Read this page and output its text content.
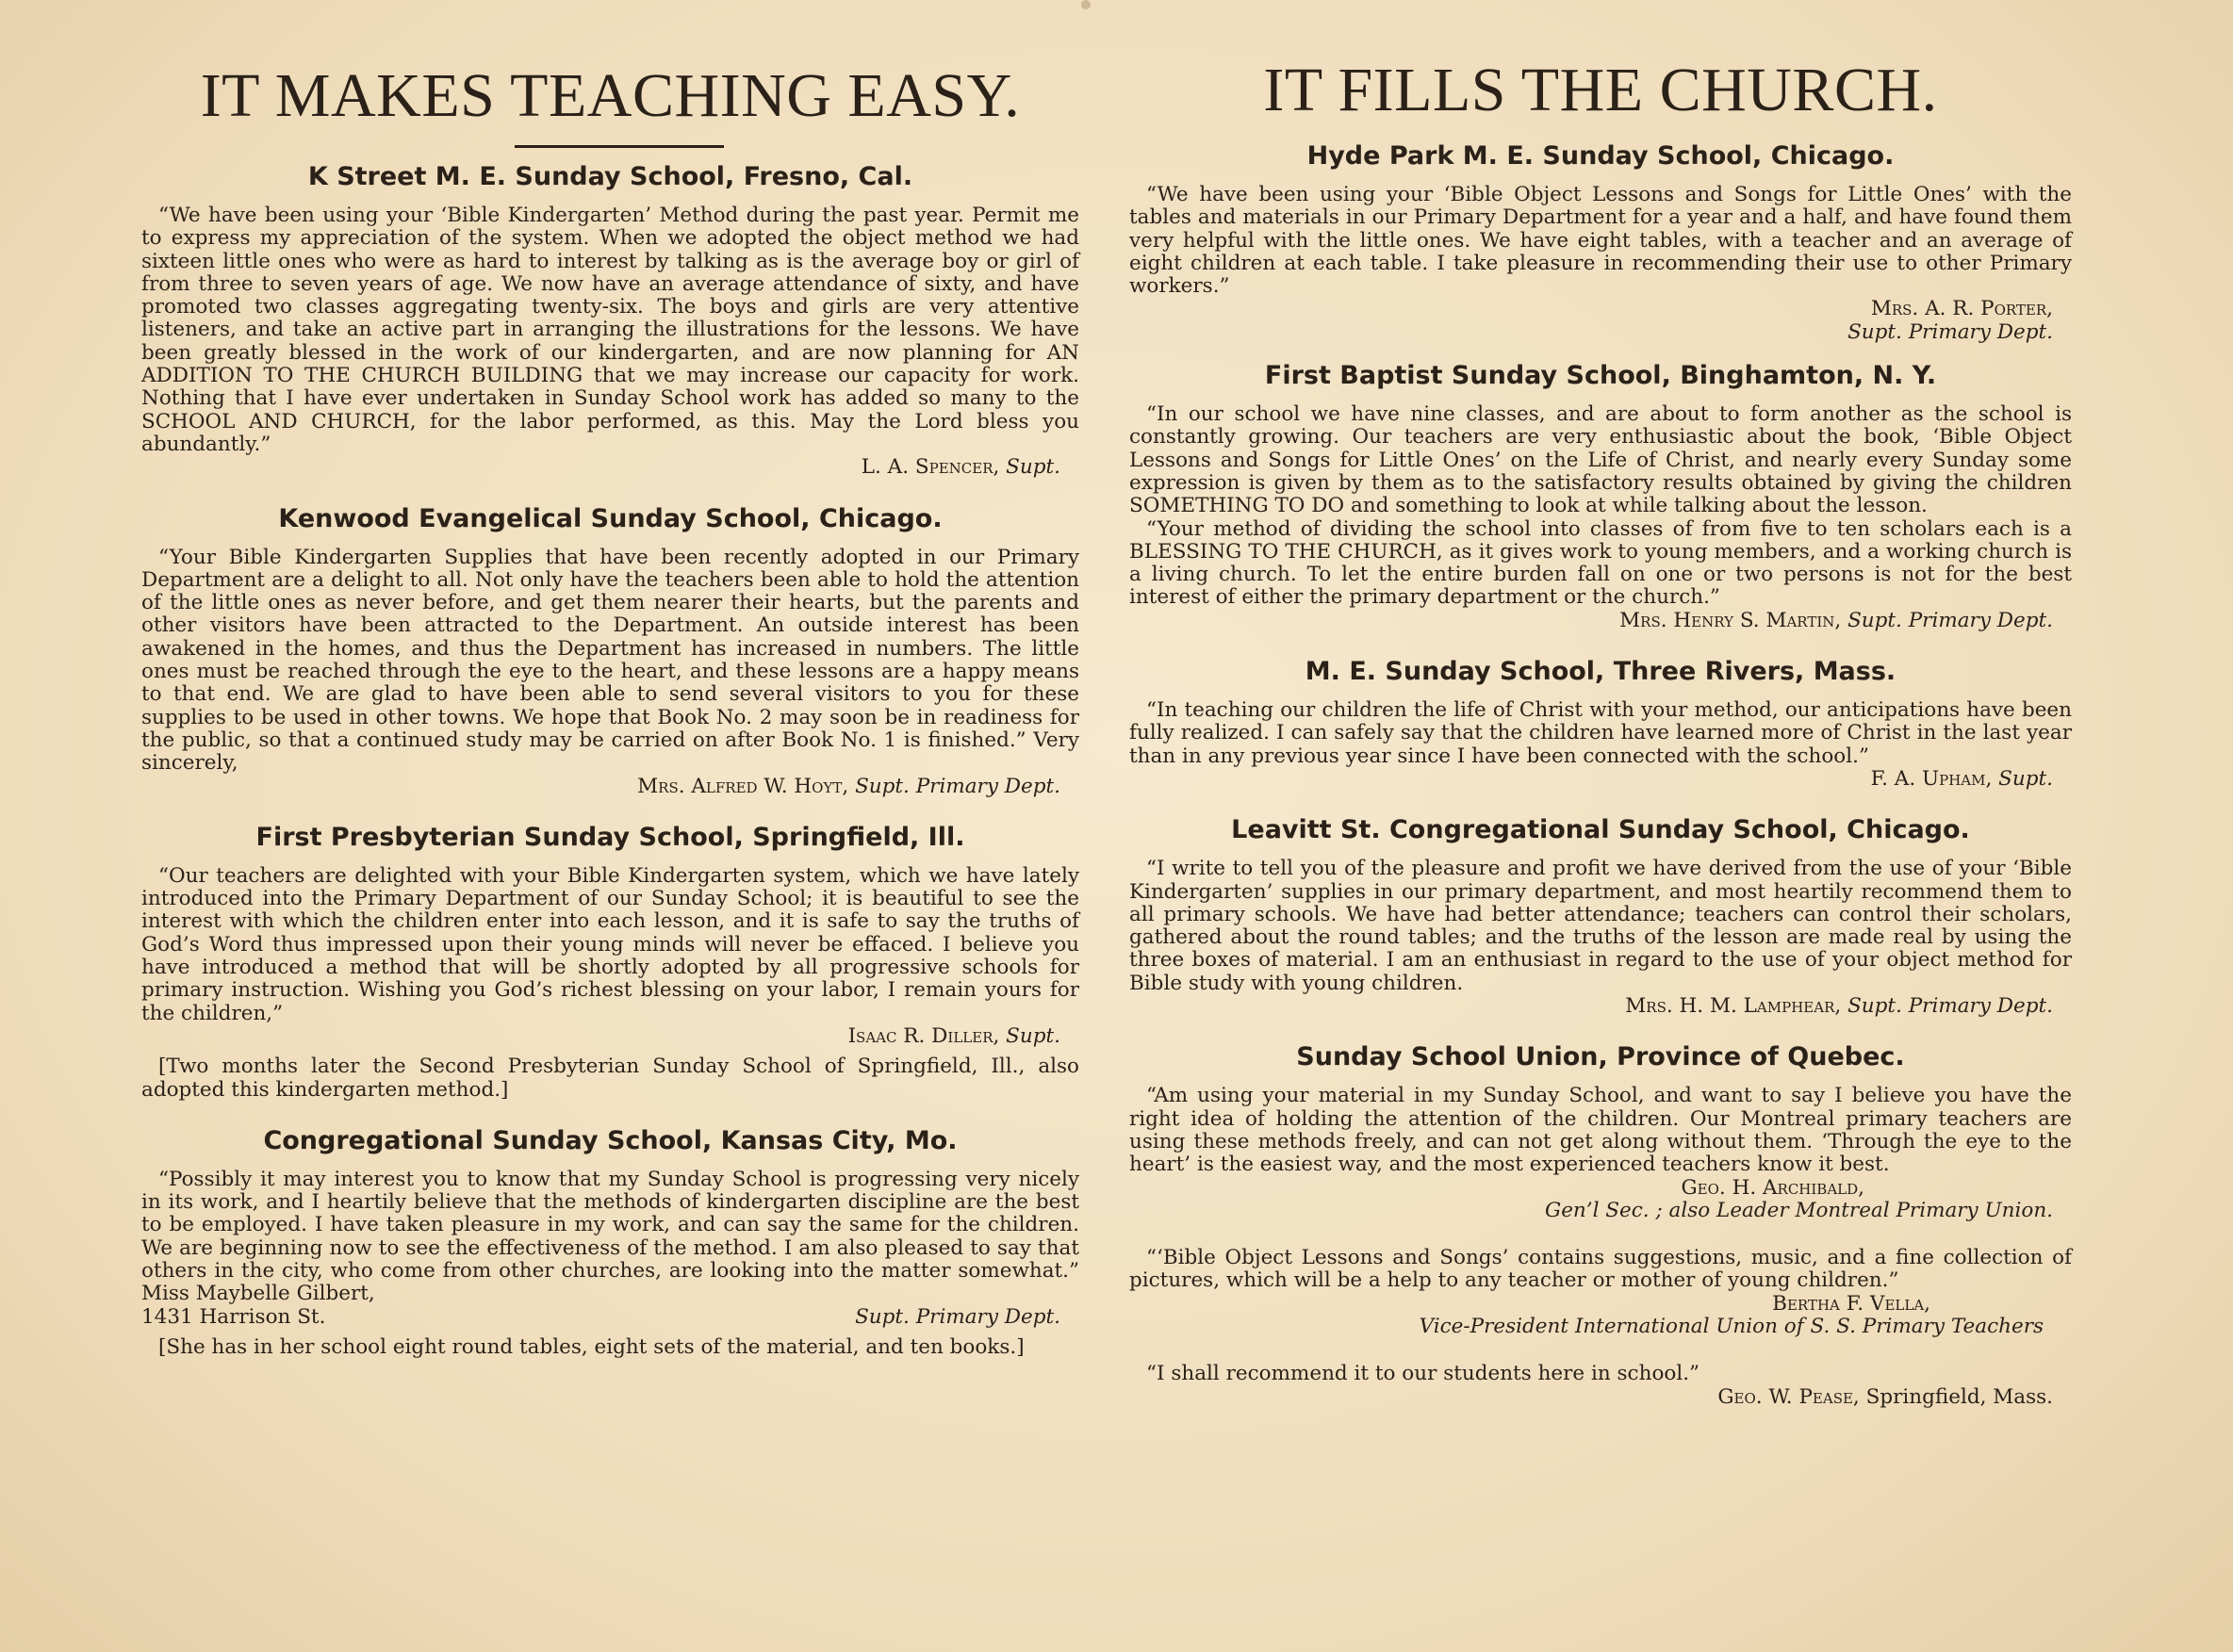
IT MAKES TEACHING EASY.
K Street M. E. Sunday School, Fresno, Cal.

“We have been using your ‘Bible Kindergarten’ Method during the past year. Permit me to express my appreciation of the system. When we adopted the object method we had sixteen little ones who were as hard to interest by talking as is the average boy or girl of from three to seven years of age. We now have an average attendance of sixty, and have promoted two classes aggregating twenty-six. The boys and girls are very attentive listeners, and take an active part in arranging the illustrations for the lessons. We have been greatly blessed in the work of our kindergarten, and are now planning for AN ADDITION TO THE CHURCH BUILDING that we may increase our capacity for work. Nothing that I have ever undertaken in Sunday School work has added so many to the SCHOOL AND CHURCH, for the labor performed, as this. May the Lord bless you abundantly.”

L. A. Spencer, Supt.

Kenwood Evangelical Sunday School, Chicago.

“Your Bible Kindergarten Supplies that have been recently adopted in our Primary Department are a delight to all. Not only have the teachers been able to hold the attention of the little ones as never before, and get them nearer their hearts, but the parents and other visitors have been attracted to the Department. An outside interest has been awakened in the homes, and thus the Department has increased in numbers. The little ones must be reached through the eye to the heart, and these lessons are a happy means to that end. We are glad to have been able to send several visitors to you for these supplies to be used in other towns. We hope that Book No. 2 may soon be in readiness for the public, so that a continued study may be carried on after Book No. 1 is finished.” Very sincerely,

Mrs. Alfred W. Hoyt, Supt. Primary Dept.

First Presbyterian Sunday School, Springfield, Ill.

“Our teachers are delighted with your Bible Kindergarten system, which we have lately introduced into the Primary Department of our Sunday School; it is beautiful to see the interest with which the children enter into each lesson, and it is safe to say the truths of God’s Word thus impressed upon their young minds will never be effaced. I believe you have introduced a method that will be shortly adopted by all progressive schools for primary instruction. Wishing you God’s richest blessing on your labor, I remain yours for the children,”

Isaac R. Diller, Supt.

[Two months later the Second Presbyterian Sunday School of Springfield, Ill., also adopted this kindergarten method.]

Congregational Sunday School, Kansas City, Mo.

“Possibly it may interest you to know that my Sunday School is progressing very nicely in its work, and I heartily believe that the methods of kindergarten discipline are the best to be employed. I have taken pleasure in my work, and can say the same for the children. We are beginning now to see the effectiveness of the method. I am also pleased to say that others in the city, who come from other churches, are looking into the matter somewhat.” Miss Maybelle Gilbert,

1431 Harrison St.	Supt. Primary Dept.

[She has in her school eight round tables, eight sets of the material, and ten books.]

IT FILLS THE CHURCH.
Hyde Park M. E. Sunday School, Chicago.

“We have been using your ‘Bible Object Lessons and Songs for Little Ones’ with the tables and materials in our Primary Department for a year and a half, and have found them very helpful with the little ones. We have eight tables, with a teacher and an average of eight children at each table. I take pleasure in recommending their use to other Primary workers.”

Mrs. A. R. Porter,

Supt. Primary Dept.

First Baptist Sunday School, Binghamton, N. Y.

“In our school we have nine classes, and are about to form another as the school is constantly growing. Our teachers are very enthusiastic about the book, ‘Bible Object Lessons and Songs for Little Ones’ on the Life of Christ, and nearly every Sunday some expression is given by them as to the satisfactory results obtained by giving the children SOMETHING TO DO and something to look at while talking about the lesson.

“Your method of dividing the school into classes of from five to ten scholars each is a BLESSING TO THE CHURCH, as it gives work to young members, and a working church is a living church. To let the entire burden fall on one or two persons is not for the best interest of either the primary department or the church.”

Mrs. Henry S. Martin, Supt. Primary Dept.

M. E. Sunday School, Three Rivers, Mass.

“In teaching our children the life of Christ with your method, our anticipations have been fully realized. I can safely say that the children have learned more of Christ in the last year than in any previous year since I have been connected with the school.”

F. A. Upham, Supt.

Leavitt St. Congregational Sunday School, Chicago.

“I write to tell you of the pleasure and profit we have derived from the use of your ‘Bible Kindergarten’ supplies in our primary department, and most heartily recommend them to all primary schools. We have had better attendance; teachers can control their scholars, gathered about the round tables; and the truths of the lesson are made real by using the three boxes of material. I am an enthusiast in regard to the use of your object method for Bible study with young children.

Mrs. H. M. Lamphear, Supt. Primary Dept.

Sunday School Union, Province of Quebec.

“Am using your material in my Sunday School, and want to say I believe you have the right idea of holding the attention of the children. Our Montreal primary teachers are using these methods freely, and can not get along without them. ‘Through the eye to the heart’ is the easiest way, and the most experienced teachers know it best.

Geo. H. Archibald,

Gen’l Sec. ; also Leader Montreal Primary Union.

“‘Bible Object Lessons and Songs’ contains suggestions, music, and a fine collection of pictures, which will be a help to any teacher or mother of young children.”

Bertha F. Vella,

Vice-President International Union of S. S. Primary Teachers

“I shall recommend it to our students here in school.”

Geo. W. Pease, Springfield, Mass.
